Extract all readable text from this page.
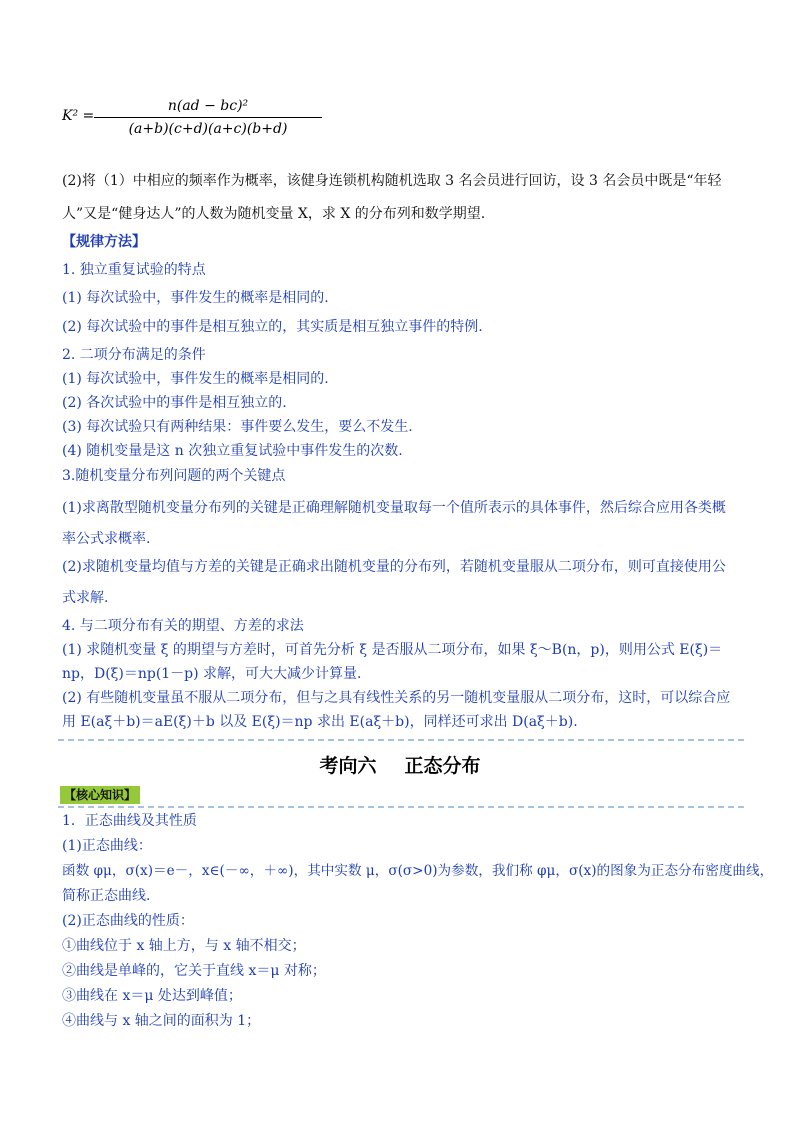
K² =
n(ad − bc)²
(a+b)(c+d)(a+c)(b+d)
(2)将（1）中相应的频率作为概率，该健身连锁机构随机选取 3 名会员进行回访，设 3 名会员中既是“年轻
人”又是“健身达人”的人数为随机变量 X，求 X 的分布列和数学期望.
【规律方法】
1. 独立重复试验的特点
(1) 每次试验中，事件发生的概率是相同的.
(2) 每次试验中的事件是相互独立的，其实质是相互独立事件的特例.
2. 二项分布满足的条件
(1) 每次试验中，事件发生的概率是相同的.
(2) 各次试验中的事件是相互独立的.
(3) 每次试验只有两种结果：事件要么发生，要么不发生.
(4) 随机变量是这 n 次独立重复试验中事件发生的次数.
3.随机变量分布列问题的两个关键点
(1)求离散型随机变量分布列的关键是正确理解随机变量取每一个值所表示的具体事件，然后综合应用各类概
率公式求概率.
(2)求随机变量均值与方差的关键是正确求出随机变量的分布列，若随机变量服从二项分布，则可直接使用公
式求解.
4. 与二项分布有关的期望、方差的求法
(1) 求随机变量 ξ 的期望与方差时，可首先分析 ξ 是否服从二项分布，如果 ξ～B(n，p)，则用公式 E(ξ)＝
np，D(ξ)＝np(1－p) 求解，可大大减少计算量.
(2) 有些随机变量虽不服从二项分布，但与之具有线性关系的另一随机变量服从二项分布，这时，可以综合应
用 E(aξ＋b)＝aE(ξ)＋b 以及 E(ξ)＝np 求出 E(aξ＋b)，同样还可求出 D(aξ＋b).
考向六 正态分布
【核心知识】
1．正态曲线及其性质
(1)正态曲线：
函数 φμ，σ(x)＝e－，x∈(－∞，＋∞)，其中实数 μ，σ(σ>0)为参数，我们称 φμ，σ(x)的图象为正态分布密度曲线，
简称正态曲线.
(2)正态曲线的性质：
①曲线位于 x 轴上方，与 x 轴不相交；
②曲线是单峰的，它关于直线 x＝μ 对称；
③曲线在 x＝μ 处达到峰值；
④曲线与 x 轴之间的面积为 1；
